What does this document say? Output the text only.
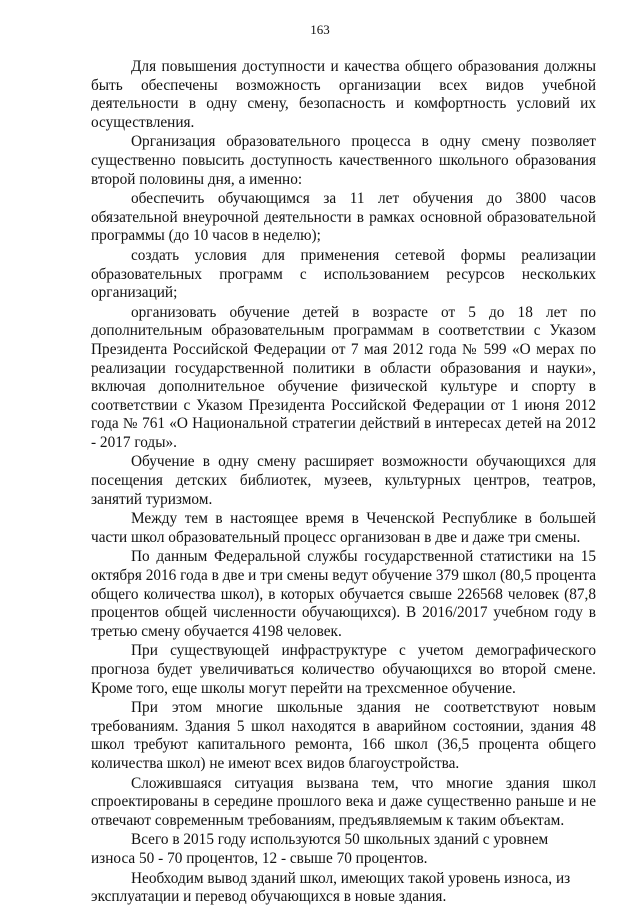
163

Для повышения доступности и качества общего образования должны быть обеспечены возможность организации всех видов учебной деятельности в одну смену, безопасность и комфортность условий их осуществления.

Организация образовательного процесса в одну смену позволяет существенно повысить доступность качественного школьного образования второй половины дня, а именно:

обеспечить обучающимся за 11 лет обучения до 3800 часов обязательной внеурочной деятельности в рамках основной образовательной программы (до 10 часов в неделю);

создать условия для применения сетевой формы реализации образовательных программ с использованием ресурсов нескольких организаций;

организовать обучение детей в возрасте от 5 до 18 лет по дополнительным образовательным программам в соответствии с Указом Президента Российской Федерации от 7 мая 2012 года № 599 «О мерах по реализации государственной политики в области образования и науки», включая дополнительное обучение физической культуре и спорту в соответствии с Указом Президента Российской Федерации от 1 июня 2012 года № 761 «О Национальной стратегии действий в интересах детей на 2012 - 2017 годы».

Обучение в одну смену расширяет возможности обучающихся для посещения детских библиотек, музеев, культурных центров, театров, занятий туризмом.

Между тем в настоящее время в Чеченской Республике в большей части школ образовательный процесс организован в две и даже три смены.

По данным Федеральной службы государственной статистики на 15 октября 2016 года в две и три смены ведут обучение 379 школ (80,5 процента общего количества школ), в которых обучается свыше 226568 человек (87,8 процентов общей численности обучающихся). В 2016/2017 учебном году в третью смену обучается 4198 человек.

При существующей инфраструктуре с учетом демографического прогноза будет увеличиваться количество обучающихся во второй смене. Кроме того, еще школы могут перейти на трехсменное обучение.

При этом многие школьные здания не соответствуют новым требованиям. Здания 5 школ находятся в аварийном состоянии, здания 48 школ требуют капитального ремонта, 166 школ (36,5 процента общего количества школ) не имеют всех видов благоустройства.

Сложившаяся ситуация вызвана тем, что многие здания школ спроектированы в середине прошлого века и даже существенно раньше и не отвечают современным требованиям, предъявляемым к таким объектам.

Всего в 2015 году используются 50 школьных зданий с уровнем износа 50 - 70 процентов, 12 - свыше 70 процентов.

Необходим вывод зданий школ, имеющих такой уровень износа, из эксплуатации и перевод обучающихся в новые здания.
